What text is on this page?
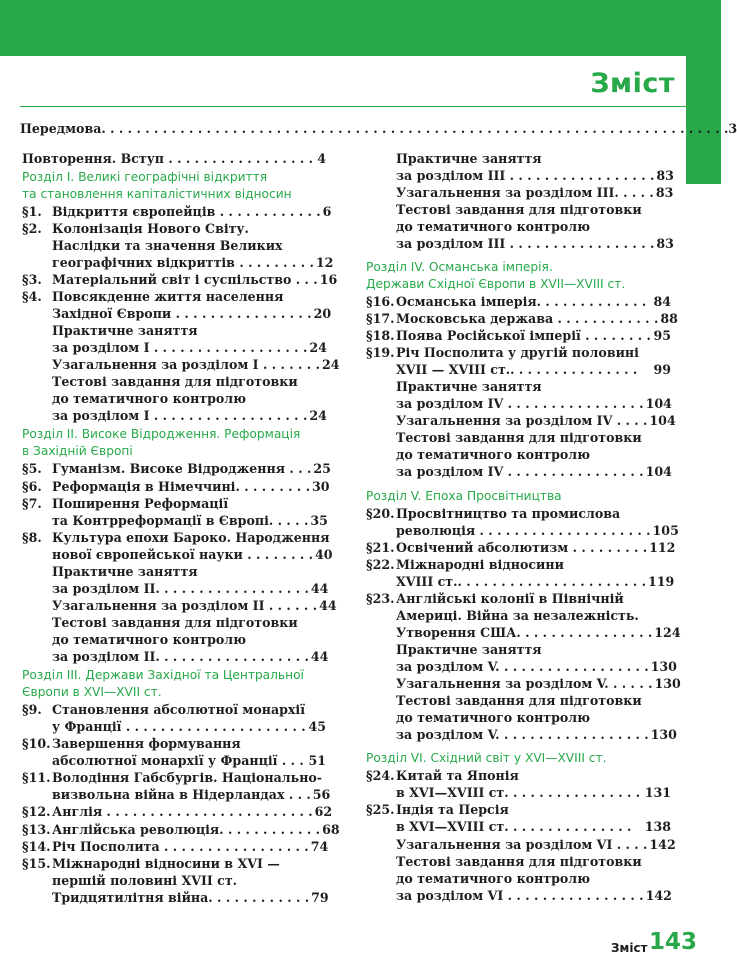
Зміст
Передмова. . . . . . . . . . . . . . . . . . . . . . . . . . . . . . . . . . . . . . . . . . . . . . . . . . . . . . . . . . . . . . . . . . . . . . . . 3
Повторення. Вступ . . . . . . . . . . . . . . . . . 4
Розділ І. Великі географічні відкриття
та становлення капіталістичних відносин
§1. Відкриття європейців . . . . . . . . . . . . 6
§2. Колонізація Нового Світу.
Наслідки та значення Великих
географічних відкриттів . . . . . . . . . 12
§3. Матеріальний світ і суспільство . . . 16
§4. Повсякденне життя населення
Західної Європи . . . . . . . . . . . . . . . . 20
Практичне заняття
за розділом І . . . . . . . . . . . . . . . . . . 24
Узагальнення за розділом І . . . . . . . 24
Тестові завдання для підготовки
до тематичного контролю
за розділом І . . . . . . . . . . . . . . . . . . 24
Розділ ІІ. Високе Відродження. Реформація
в Західній Європі
§5. Гуманізм. Високе Відродження . . . 25
§6. Реформація в Німеччині. . . . . . . . . 30
§7. Поширення Реформації
та Контрреформації в Європі. . . . . 35
§8. Культура епохи Бароко. Народження
нової європейської науки . . . . . . . . 40
Практичне заняття
за розділом ІІ. . . . . . . . . . . . . . . . . . 44
Узагальнення за розділом ІІ . . . . . . 44
Тестові завдання для підготовки
до тематичного контролю
за розділом ІІ. . . . . . . . . . . . . . . . . . 44
Розділ ІІІ. Держави Західної та Центральної
Європи в XVI—XVII ст.
§9. Становлення абсолютної монархії
у Франції . . . . . . . . . . . . . . . . . . . . . 45
§10. Завершення формування
абсолютної монархії у Франції . . . 51
§11. Володіння Габсбургів. Національно-
визвольна війна в Нідерландах . . . 56
§12. Англія . . . . . . . . . . . . . . . . . . . . . . . . 62
§13. Англійська революція. . . . . . . . . . . . 68
§14. Річ Посполита . . . . . . . . . . . . . . . . . 74
§15. Міжнародні відносини в XVI —
першій половині XVII ст.
Тридцятилітня війна. . . . . . . . . . . . 79
Практичне заняття
за розділом ІІІ . . . . . . . . . . . . . . . . . 83
Узагальнення за розділом ІІІ. . . . . 83
Тестові завдання для підготовки
до тематичного контролю
за розділом ІІІ . . . . . . . . . . . . . . . . . 83
Розділ ІV. Османська імперія.
Держави Східної Європи в XVII—XVIII ст.
§16. Османська імперія. . . . . . . . . . . . . 84
§17. Московська держава . . . . . . . . . . . . 88
§18. Поява Російської імперії . . . . . . . . 95
§19. Річ Посполита у другій половині
XVII — XVIII ст.. . . . . . . . . . . . . . .	99
Практичне заняття
за розділом ІV . . . . . . . . . . . . . . . . 104
Узагальнення за розділом ІV . . . . 104
Тестові завдання для підготовки
до тематичного контролю
за розділом ІV . . . . . . . . . . . . . . . . 104
Розділ V. Епоха Просвітництва
§20. Просвітництво та промислова
революція . . . . . . . . . . . . . . . . . . . . 105
§21. Освічений абсолютизм . . . . . . . . . 112
§22. Міжнародні відносини
XVIII ст.. . . . . . . . . . . . . . . . . . . . . . 119
§23. Англійські колонії в Північній
Америці. Війна за незалежність.
Утворення США. . . . . . . . . . . . . . . . 124
Практичне заняття
за розділом V. . . . . . . . . . . . . . . . . . 130
Узагальнення за розділом V. . . . . . 130
Тестові завдання для підготовки
до тематичного контролю
за розділом V. . . . . . . . . . . . . . . . . . 130
Розділ VІ. Східний світ у XVI—XVIII ст.
§24. Китай та Японія
в XVI—XVIII ст. . . . . . . . . . . . . . . . 131
§25. Індія та Персія
в XVI—XVIII ст. . . . . . . . . . . . . . .	138
Узагальнення за розділом VІ . . . . 142
Тестові завдання для підготовки
до тематичного контролю
за розділом VІ . . . . . . . . . . . . . . . . 142
Зміст 143
